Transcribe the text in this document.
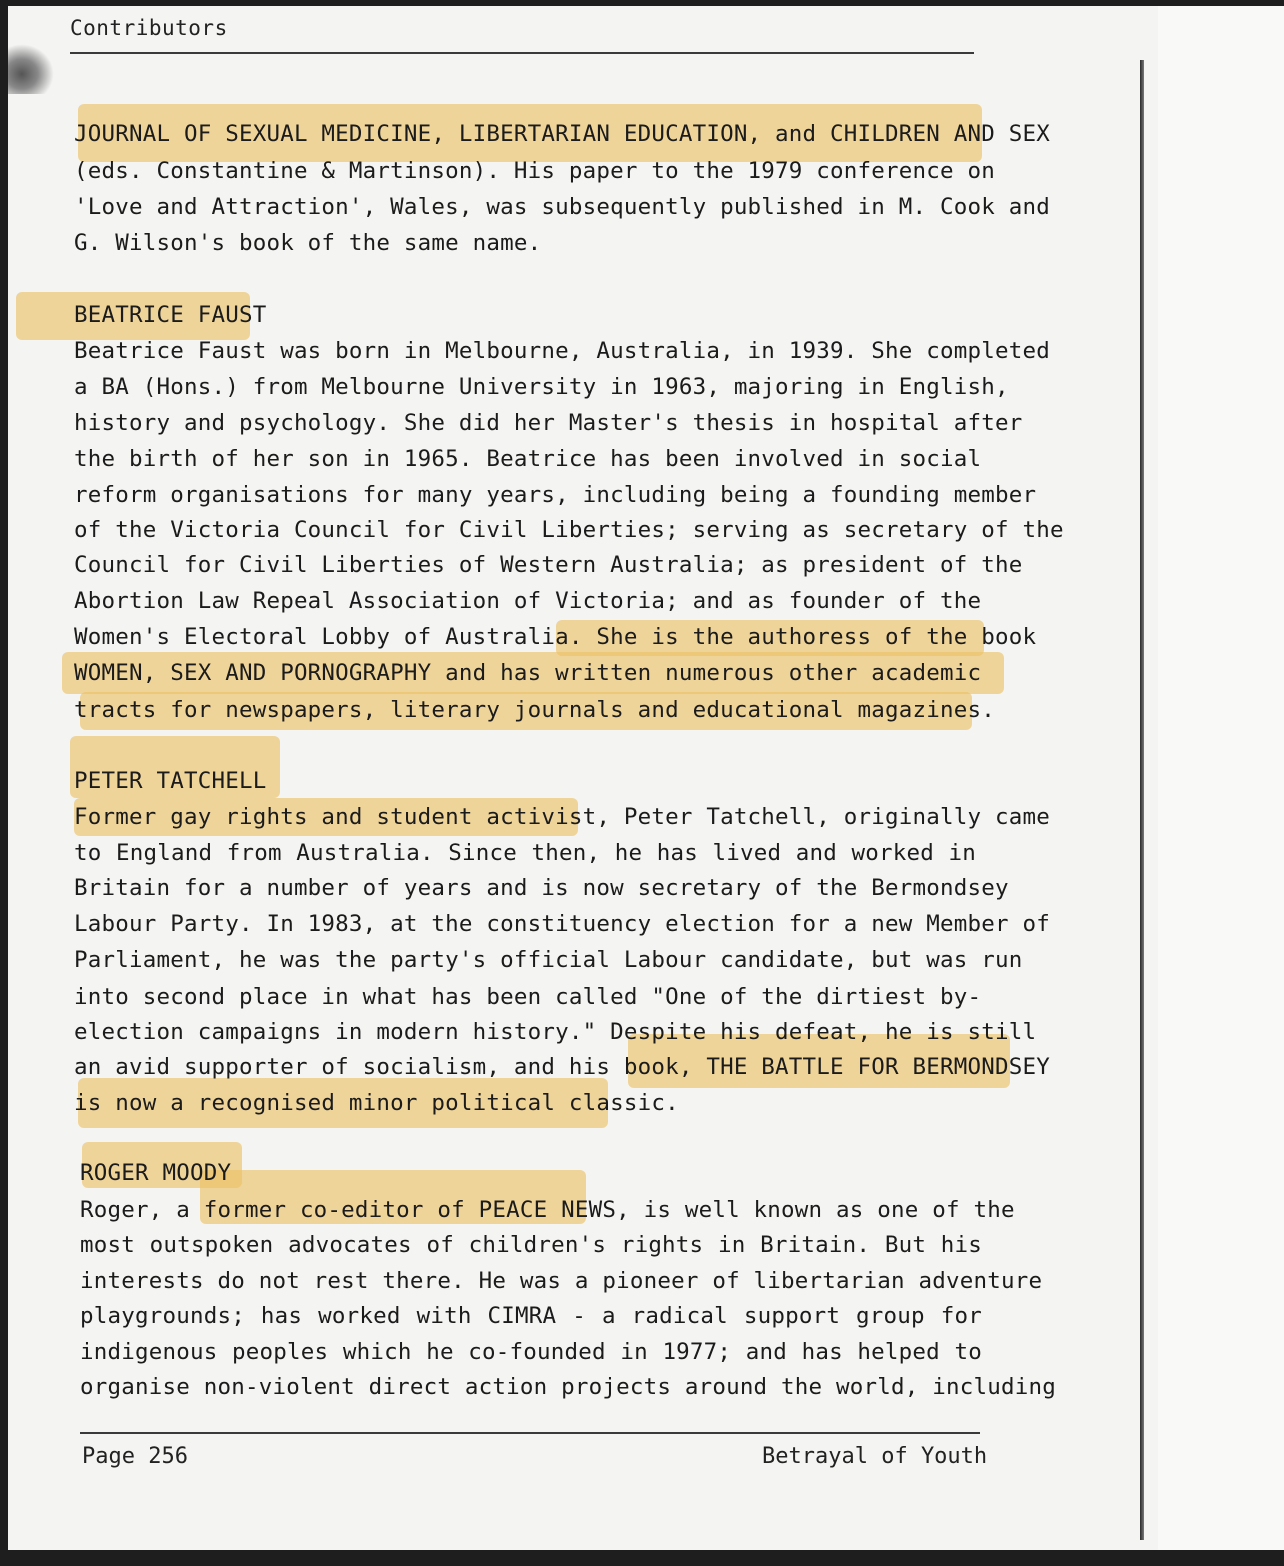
Contributors
JOURNAL OF SEXUAL MEDICINE, LIBERTARIAN EDUCATION, and CHILDREN AND SEX
(eds. Constantine & Martinson). His paper to the 1979 conference on
'Love and Attraction', Wales, was subsequently published in M. Cook and
G. Wilson's book of the same name.
BEATRICE FAUST
Beatrice Faust was born in Melbourne, Australia, in 1939. She completed
a BA (Hons.) from Melbourne University in 1963, majoring in English,
history and psychology. She did her Master's thesis in hospital after
the birth of her son in 1965. Beatrice has been involved in social
reform organisations for many years, including being a founding member
of the Victoria Council for Civil Liberties; serving as secretary of the
Council for Civil Liberties of Western Australia; as president of the
Abortion Law Repeal Association of Victoria; and as founder of the
Women's Electoral Lobby of Australia. She is the authoress of the book
WOMEN, SEX AND PORNOGRAPHY and has written numerous other academic
tracts for newspapers, literary journals and educational magazines.
PETER TATCHELL
Former gay rights and student activist, Peter Tatchell, originally came
to England from Australia. Since then, he has lived and worked in
Britain for a number of years and is now secretary of the Bermondsey
Labour Party. In 1983, at the constituency election for a new Member of
Parliament, he was the party's official Labour candidate, but was run
into second place in what has been called "One of the dirtiest by-
election campaigns in modern history." Despite his defeat, he is still
an avid supporter of socialism, and his book, THE BATTLE FOR BERMONDSEY
is now a recognised minor political classic.
ROGER MOODY
Roger, a former co-editor of PEACE NEWS, is well known as one of the
most outspoken advocates of children's rights in Britain. But his
interests do not rest there. He was a pioneer of libertarian adventure
playgrounds; has worked with CIMRA - a radical support group for
indigenous peoples which he co-founded in 1977; and has helped to
organise non-violent direct action projects around the world, including
Page 256	Betrayal of Youth
